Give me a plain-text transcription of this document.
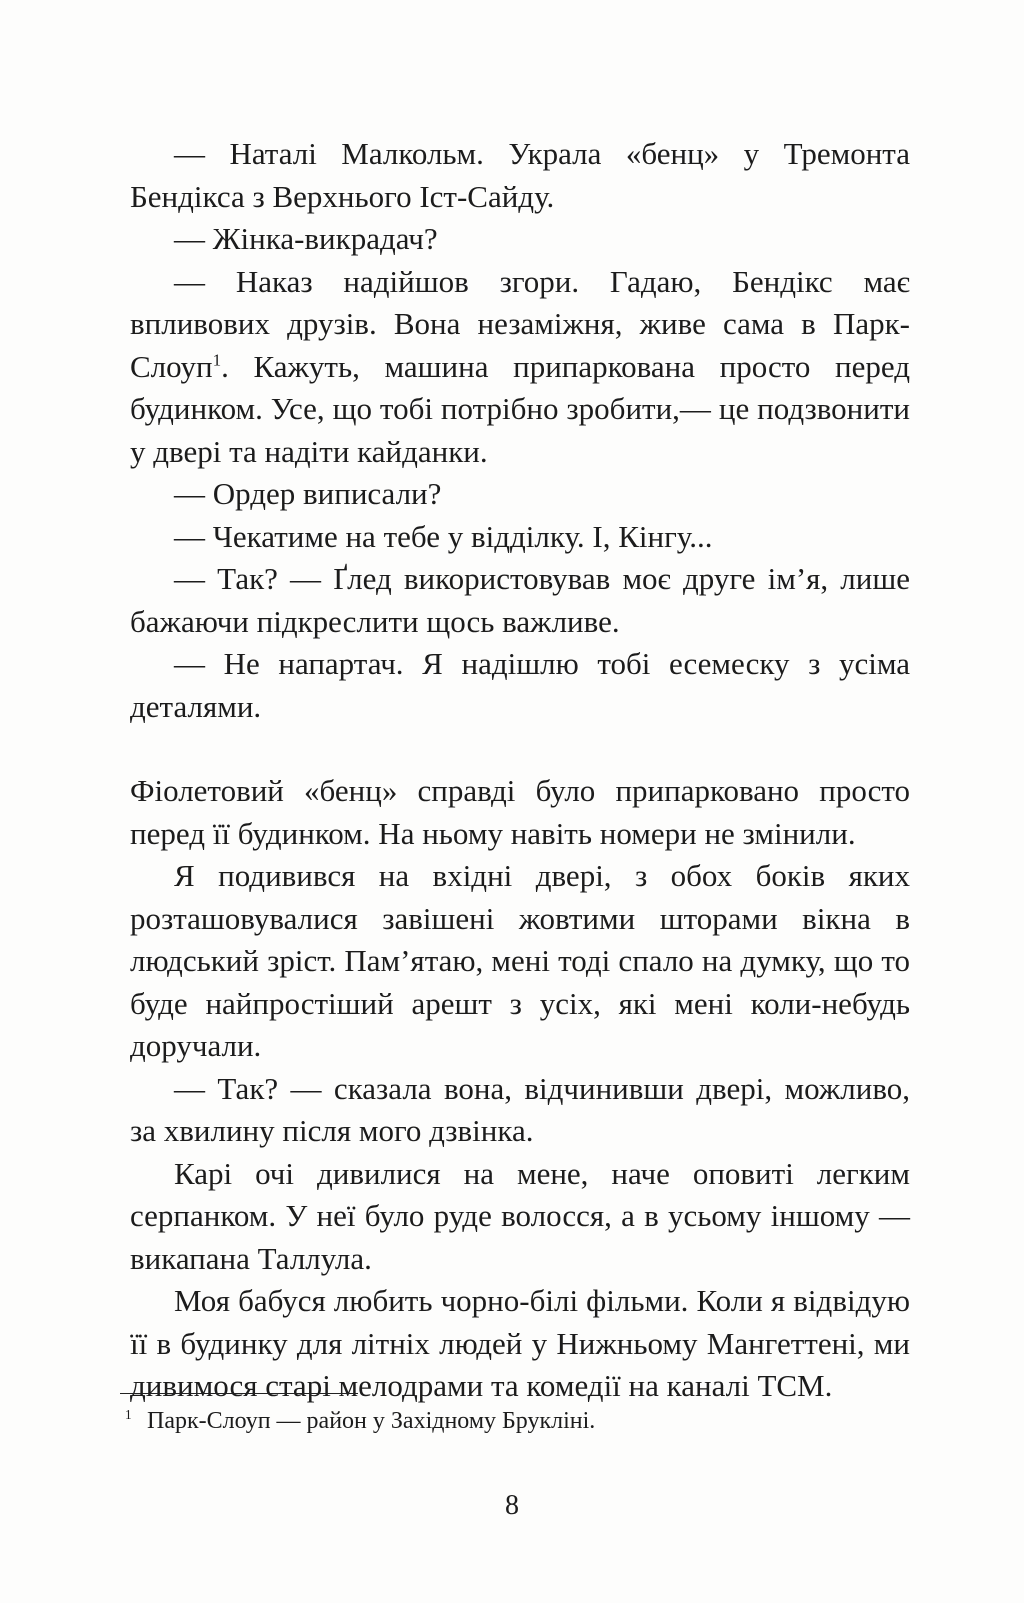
— Наталі Малкольм. Украла «бенц» у Тремонта Бендікса з Верхнього Іст-Сайду.

— Жінка-викрадач?

— Наказ надійшов згори. Гадаю, Бендікс має впливових друзів. Вона незаміжня, живе сама в Парк-Слоуп$^1$. Кажуть, машина припаркована просто перед будинком. Усе, що тобі потрібно зробити,— це подзвонити у двері та надіти кайданки.

— Ордер виписали?

— Чекатиме на тебе у відділку. І, Кінгу...

— Так? — Ґлед використовував моє друге ім’я, лише бажаючи підкреслити щось важливе.

— Не напартач. Я надішлю тобі есемеску з усіма деталями.

Фіолетовий «бенц» справді було припарковано просто перед її будинком. На ньому навіть номери не змінили.

Я подивився на вхідні двері, з обох боків яких розташовувалися завішені жовтими шторами вікна в людський зріст. Пам’ятаю, мені тоді спало на думку, що то буде найпростіший арешт з усіх, які мені коли-небудь доручали.

— Так? — сказала вона, відчинивши двері, можливо, за хвилину після мого дзвінка.

Карі очі дивилися на мене, наче оповиті легким серпанком. У неї було руде волосся, а в усьому іншому — викапана Таллула.

Моя бабуся любить чорно-білі фільми. Коли я відвідую її в будинку для літніх людей у Нижньому Мангеттені, ми дивимося старі мелодрами та комедії на каналі TCM.

$^1$ Парк-Слоуп — район у Західному Брукліні.
8
